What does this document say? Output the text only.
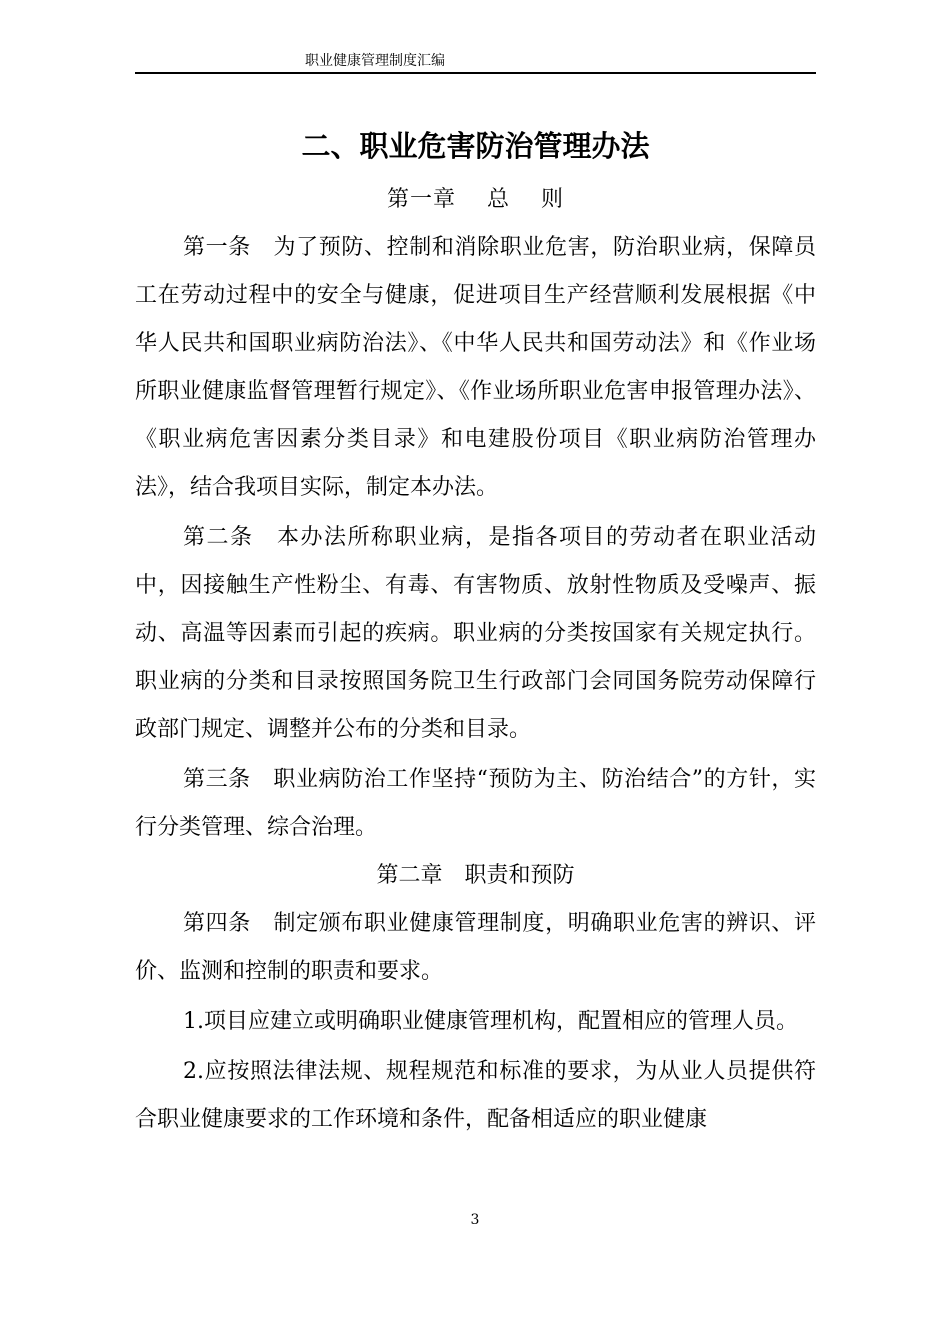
职业健康管理制度汇编
二、职业危害防治管理办法

第一章　 总　 则

第一条　为了预防、控制和消除职业危害，防治职业病，保障员工在劳动过程中的安全与健康，促进项目生产经营顺利发展根据《中华人民共和国职业病防治法》、《中华人民共和国劳动法》和《作业场所职业健康监督管理暂行规定》、《作业场所职业危害申报管理办法》、《职业病危害因素分类目录》和电建股份项目《职业病防治管理办法》，结合我项目实际，制定本办法。

第二条　本办法所称职业病，是指各项目的劳动者在职业活动中，因接触生产性粉尘、有毒、有害物质、放射性物质及受噪声、振动、高温等因素而引起的疾病。职业病的分类按国家有关规定执行。职业病的分类和目录按照国务院卫生行政部门会同国务院劳动保障行政部门规定、调整并公布的分类和目录。

第三条　职业病防治工作坚持“预防为主、防治结合”的方针，实行分类管理、综合治理。

第二章　职责和预防

第四条　制定颁布职业健康管理制度，明确职业危害的辨识、评价、监测和控制的职责和要求。

1.项目应建立或明确职业健康管理机构，配置相应的管理人员。

2.应按照法律法规、规程规范和标准的要求，为从业人员提供符合职业健康要求的工作环境和条件，配备相适应的职业健康

3
